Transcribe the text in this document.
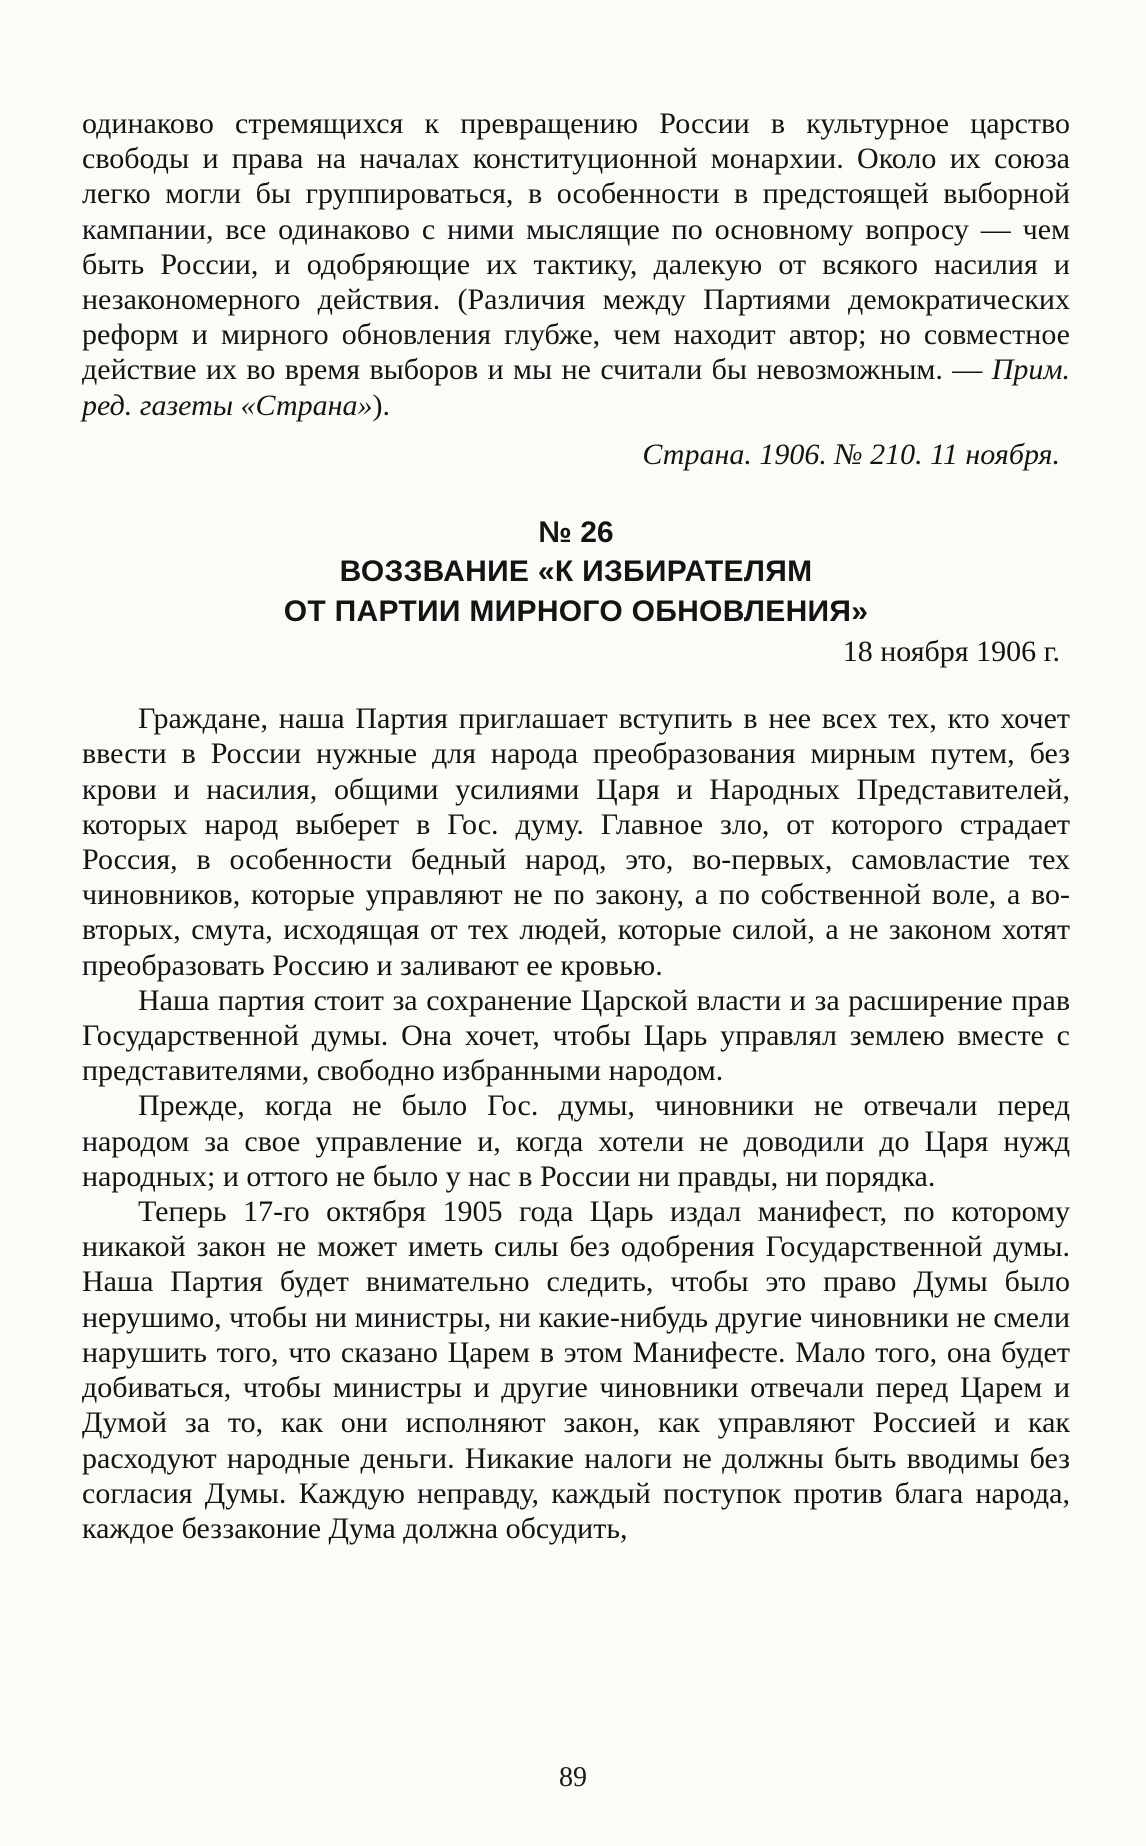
одинаково стремящихся к превращению России в культурное царство свободы и права на началах конституционной монархии. Около их союза легко могли бы группироваться, в особенности в предстоящей выборной кампании, все одинаково с ними мыслящие по основному вопросу — чем быть России, и одобряющие их тактику, далекую от всякого насилия и незакономерного действия. (Различия между Партиями демократических реформ и мирного обновления глубже, чем находит автор; но совместное действие их во время выборов и мы не считали бы невозможным. — Прим. ред. газеты «Страна»).

Страна. 1906. № 210. 11 ноября.
№ 26
ВОЗЗВАНИЕ «К ИЗБИРАТЕЛЯМ
ОТ ПАРТИИ МИРНОГО ОБНОВЛЕНИЯ»
18 ноября 1906 г.

Граждане, наша Партия приглашает вступить в нее всех тех, кто хочет ввести в России нужные для народа преобразования мирным путем, без крови и насилия, общими усилиями Царя и Народных Представителей, которых народ выберет в Гос. думу. Главное зло, от которого страдает Россия, в особенности бедный народ, это, во-первых, самовластие тех чиновников, которые управляют не по закону, а по собственной воле, а во-вторых, смута, исходящая от тех людей, которые силой, а не законом хотят преобразовать Россию и заливают ее кровью.

Наша партия стоит за сохранение Царской власти и за расширение прав Государственной думы. Она хочет, чтобы Царь управлял землею вместе с представителями, свободно избранными народом.

Прежде, когда не было Гос. думы, чиновники не отвечали перед народом за свое управление и, когда хотели не доводили до Царя нужд народных; и оттого не было у нас в России ни правды, ни порядка.

Теперь 17-го октября 1905 года Царь издал манифест, по которому никакой закон не может иметь силы без одобрения Государственной думы. Наша Партия будет внимательно следить, чтобы это право Думы было нерушимо, чтобы ни министры, ни какие-нибудь другие чиновники не смели нарушить того, что сказано Царем в этом Манифесте. Мало того, она будет добиваться, чтобы министры и другие чиновники отвечали перед Царем и Думой за то, как они исполняют закон, как управляют Россией и как расходуют народные деньги. Никакие налоги не должны быть вводимы без согласия Думы. Каждую неправду, каждый поступок против блага народа, каждое беззаконие Дума должна обсудить,

89
